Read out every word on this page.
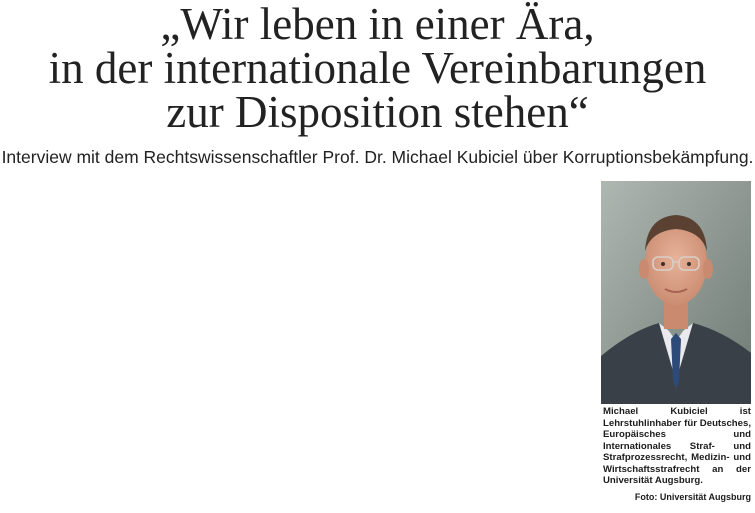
„Wir leben in einer Ära,
in der internationale Vereinbarungen
zur Disposition stehen“
Interview mit dem Rechtswissenschaftler Prof. Dr. Michael Kubiciel über Korruptionsbekämpfung.

Michael Kubiciel ist Lehrstuhlinhaber für Deutsches, Europäisches und Internationales Straf- und Strafprozessrecht, Medizin- und Wirtschaftsstrafrecht an der Universität Augsburg.
Foto: Universität Augsburg
